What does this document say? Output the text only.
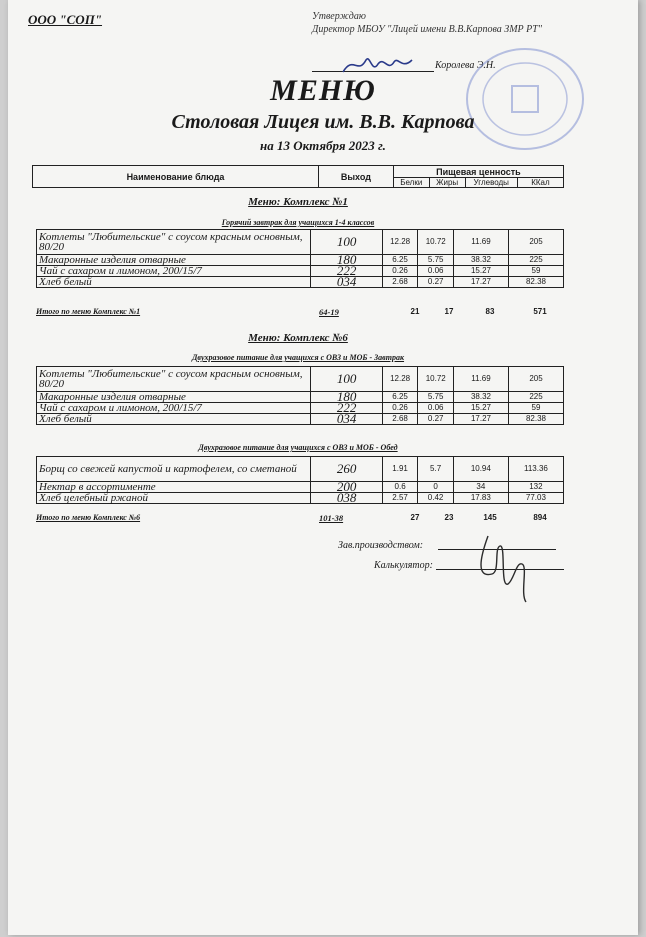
ООО "СОП"	Утверждаю
Директор МБОУ "Лицей имени В.В.Карпова ЗМР РТ"
Королева Э.Н.
МЕНЮ
Столовая Лицея им. В.В. Карпова
на 13 Октября 2023 г.
Наименование блюда	Выход	Пищевая ценность			
		Белки	Жиры	Углеводы	ККал
Меню: Комплекс №1
Горячий завтрак для учащихся 1-4 классов
Котлеты "Любительские" с соусом красным основным, 80/20	100	12.28	10.72	11.69	205
Макаронные изделия отварные	180	6.25	5.75	38.32	225
Чай с сахаром и лимоном, 200/15/7	222	0.26	0.06	15.27	59
Хлеб белый	034	2.68	0.27	17.27	82.38
Итого по меню Комплекс №1	64-19	21	17	83	571
Меню: Комплекс №6
Двухразовое питание для учащихся с ОВЗ и МОБ - Завтрак
Котлеты "Любительские" с соусом красным основным, 80/20	100	12.28	10.72	11.69	205
Макаронные изделия отварные	180	6.25	5.75	38.32	225
Чай с сахаром и лимоном, 200/15/7	222	0.26	0.06	15.27	59
Хлеб белый	034	2.68	0.27	17.27	82.38
Двухразовое питание для учащихся с ОВЗ и МОБ - Обед
Борщ со свежей капустой и картофелем, со сметаной	260	1.91	5.7	10.94	113.36
Нектар в ассортименте	200	0.6	0	34	132
Хлеб целебный ржаной	038	2.57	0.42	17.83	77.03
Итого по меню Комплекс №6	101-38	27	23	145	894
Зав.производством:
Калькулятор:
